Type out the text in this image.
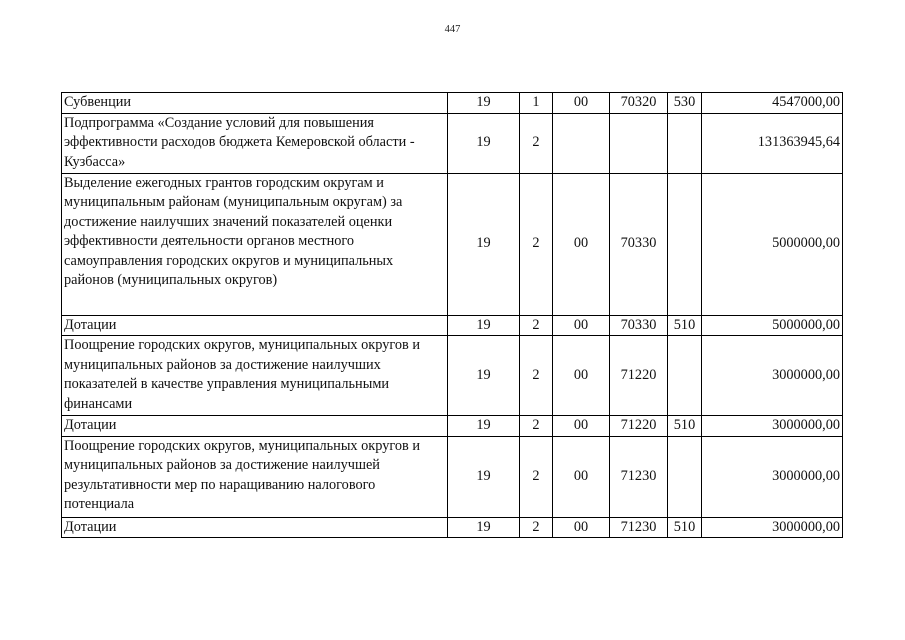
447
Субвенции	19	1	00	70320	530	4547000,00
Подпрограмма «Создание условий для повышения эффективности расходов бюджета Кемеровской области - Кузбасса»	19	2				131363945,64
Выделение ежегодных грантов городским округам и муниципальным районам (муниципальным округам) за достижение наилучших значений показателей оценки эффективности деятельности органов местного самоуправления городских округов и муниципальных районов (муниципальных округов)	19	2	00	70330		5000000,00
Дотации	19	2	00	70330	510	5000000,00
Поощрение городских округов, муниципальных округов и муниципальных районов за достижение наилучших показателей в качестве управления муниципальными финансами	19	2	00	71220		3000000,00
Дотации	19	2	00	71220	510	3000000,00
Поощрение городских округов, муниципальных округов и муниципальных районов за достижение наилучшей результативности мер по наращиванию налогового потенциала	19	2	00	71230		3000000,00
Дотации	19	2	00	71230	510	3000000,00
